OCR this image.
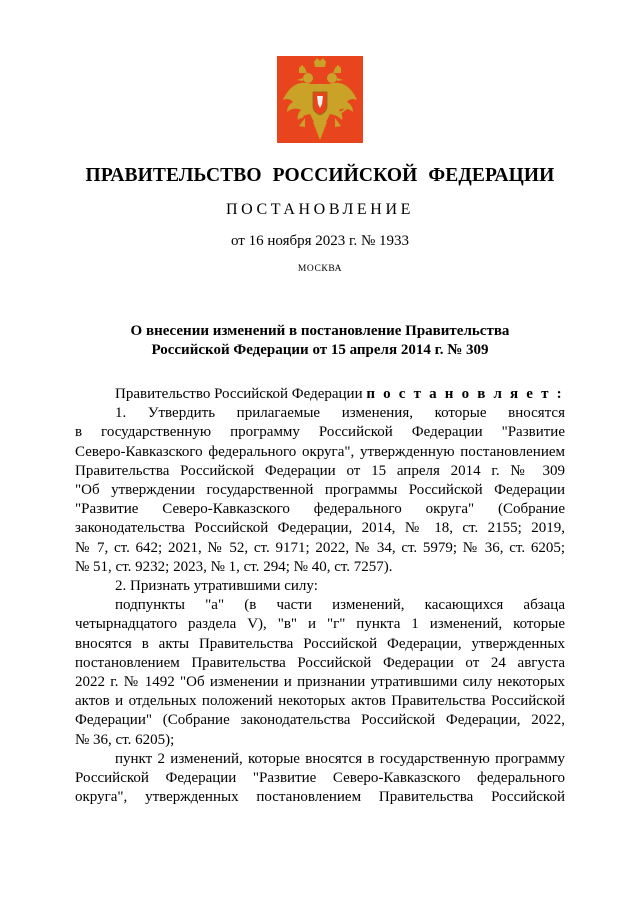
ПРАВИТЕЛЬСТВО РОССИЙСКОЙ ФЕДЕРАЦИИ
ПОСТАНОВЛЕНИЕ
от 16 ноября 2023 г. № 1933
МОСКВА
О внесении изменений в постановление Правительства
Российской Федерации от 15 апреля 2014 г. № 309

Правительство Российской Федерации п о с т а н о в л я е т :

1. Утвердить прилагаемые изменения, которые вносятся

в государственную программу Российской Федерации "Развитие

Северо-Кавказского федерального округа", утвержденную постановлением

Правительства Российской Федерации от 15 апреля 2014 г. № 309

"Об утверждении государственной программы Российской Федерации

"Развитие Северо-Кавказского федерального округа" (Собрание

законодательства Российской Федерации, 2014, № 18, ст. 2155; 2019,

№ 7, ст. 642; 2021, № 52, ст. 9171; 2022, № 34, ст. 5979; № 36, ст. 6205;

№ 51, ст. 9232; 2023, № 1, ст. 294; № 40, ст. 7257).

2. Признать утратившими силу:

подпункты "а" (в части изменений, касающихся абзаца

четырнадцатого раздела V), "в" и "г" пункта 1 изменений, которые

вносятся в акты Правительства Российской Федерации, утвержденных

постановлением Правительства Российской Федерации от 24 августа

2022 г. № 1492 "Об изменении и признании утратившими силу некоторых

актов и отдельных положений некоторых актов Правительства Российской

Федерации" (Собрание законодательства Российской Федерации, 2022,

№ 36, ст. 6205);

пункт 2 изменений, которые вносятся в государственную программу

Российской Федерации "Развитие Северо-Кавказского федерального

округа", утвержденных постановлением Правительства Российской
